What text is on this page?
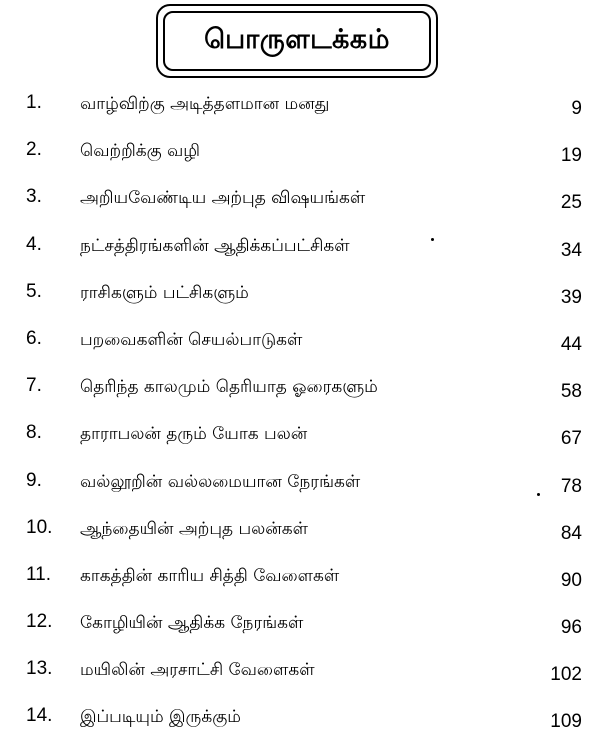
பொருளடக்கம்
1.	வாழ்விற்கு அடித்தளமான மனது	9
2.	வெற்றிக்கு வழி	19
3.	அறியவேண்டிய அற்புத விஷயங்கள்	25
4.	நட்சத்திரங்களின் ஆதிக்கப்பட்சிகள்	34
5.	ராசிகளும் பட்சிகளும்	39
6.	பறவைகளின் செயல்பாடுகள்	44
7.	தெரிந்த காலமும் தெரியாத ஓரைகளும்	58
8.	தாராபலன் தரும் யோக பலன்	67
9.	வல்லூறின் வல்லமையான நேரங்கள்	78
10.	ஆந்தையின் அற்புத பலன்கள்	84
11.	காகத்தின் காரிய சித்தி வேளைகள்	90
12.	கோழியின் ஆதிக்க நேரங்கள்	96
13.	மயிலின் அரசாட்சி வேளைகள்	102
14.	இப்படியும் இருக்கும்	109
